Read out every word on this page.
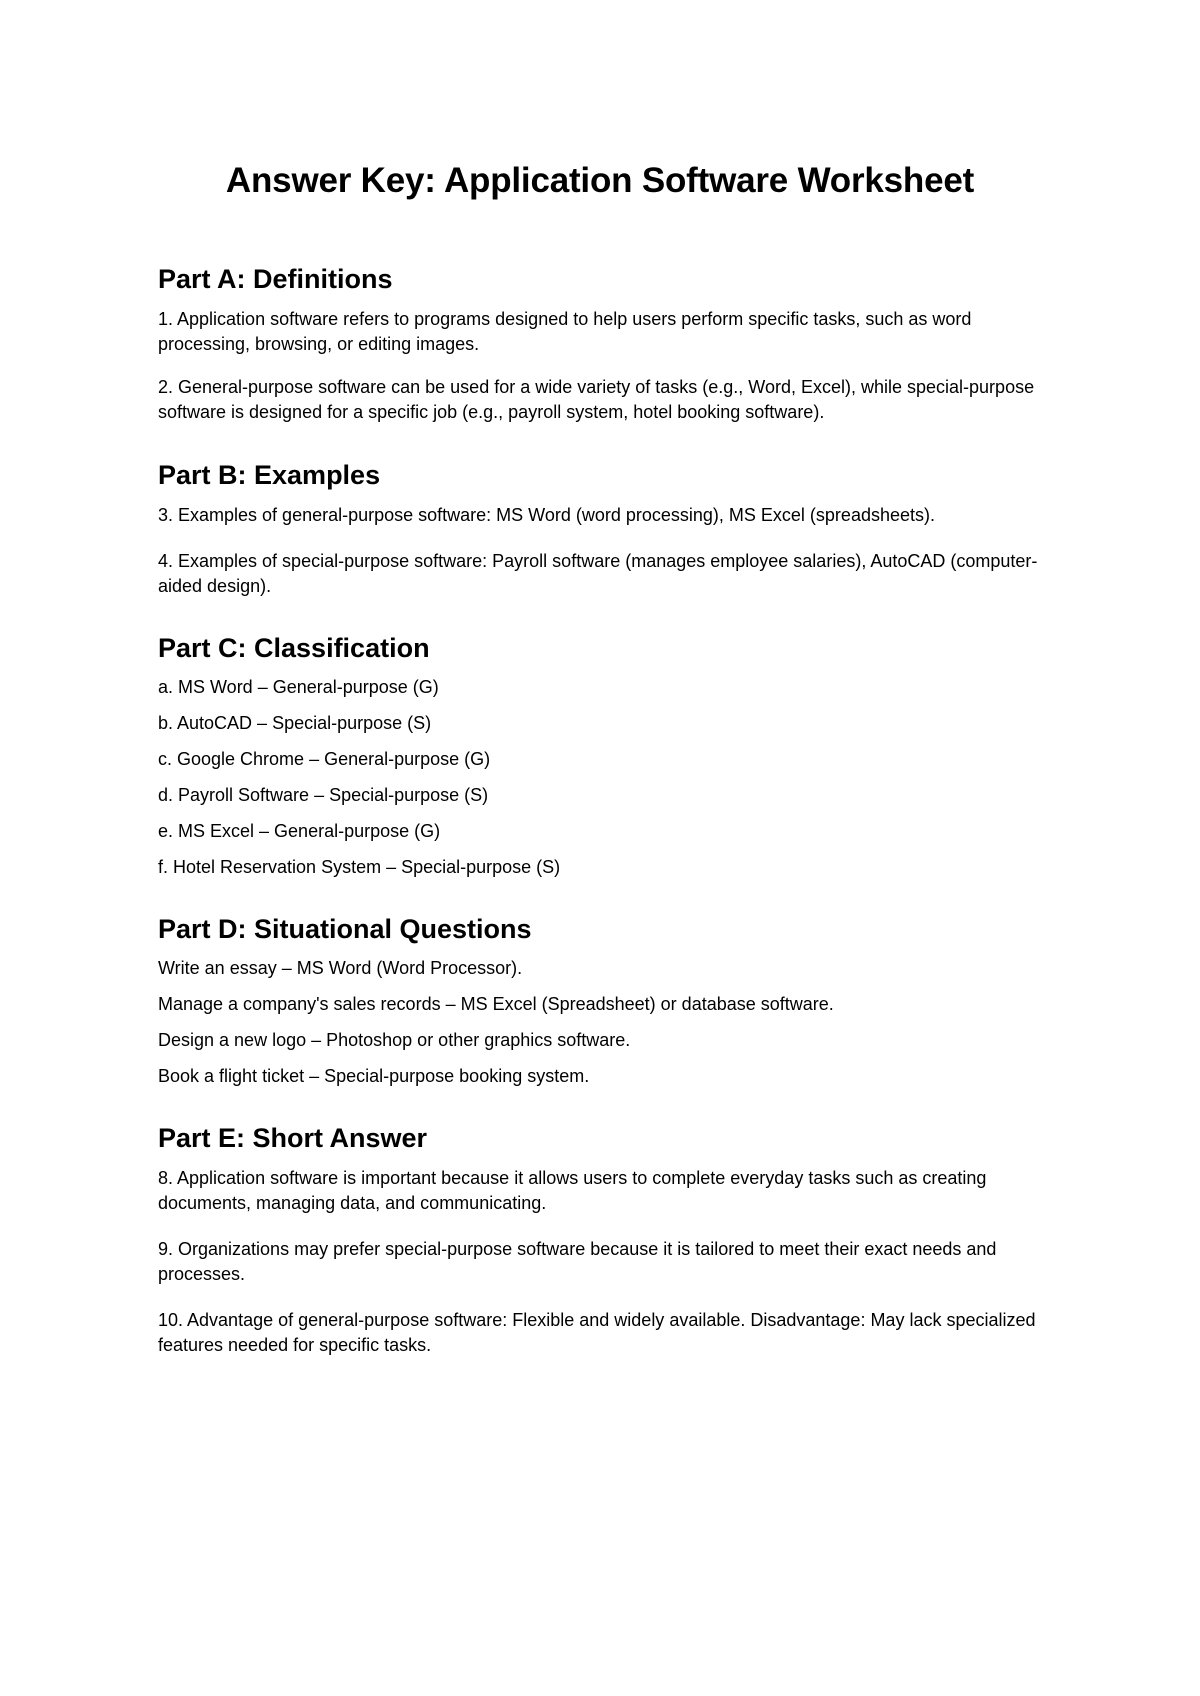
Answer Key: Application Software Worksheet
Part A: Definitions

1. Application software refers to programs designed to help users perform specific tasks, such as word processing, browsing, or editing images.

2. General-purpose software can be used for a wide variety of tasks (e.g., Word, Excel), while special-purpose software is designed for a specific job (e.g., payroll system, hotel booking software).

Part B: Examples

3. Examples of general-purpose software: MS Word (word processing), MS Excel (spreadsheets).

4. Examples of special-purpose software: Payroll software (manages employee salaries), AutoCAD (computer-aided design).

Part C: Classification

a. MS Word – General-purpose (G)

b. AutoCAD – Special-purpose (S)

c. Google Chrome – General-purpose (G)

d. Payroll Software – Special-purpose (S)

e. MS Excel – General-purpose (G)

f. Hotel Reservation System – Special-purpose (S)

Part D: Situational Questions

Write an essay – MS Word (Word Processor).

Manage a company's sales records – MS Excel (Spreadsheet) or database software.

Design a new logo – Photoshop or other graphics software.

Book a flight ticket – Special-purpose booking system.

Part E: Short Answer

8. Application software is important because it allows users to complete everyday tasks such as creating documents, managing data, and communicating.

9. Organizations may prefer special-purpose software because it is tailored to meet their exact needs and processes.

10. Advantage of general-purpose software: Flexible and widely available. Disadvantage: May lack specialized features needed for specific tasks.
